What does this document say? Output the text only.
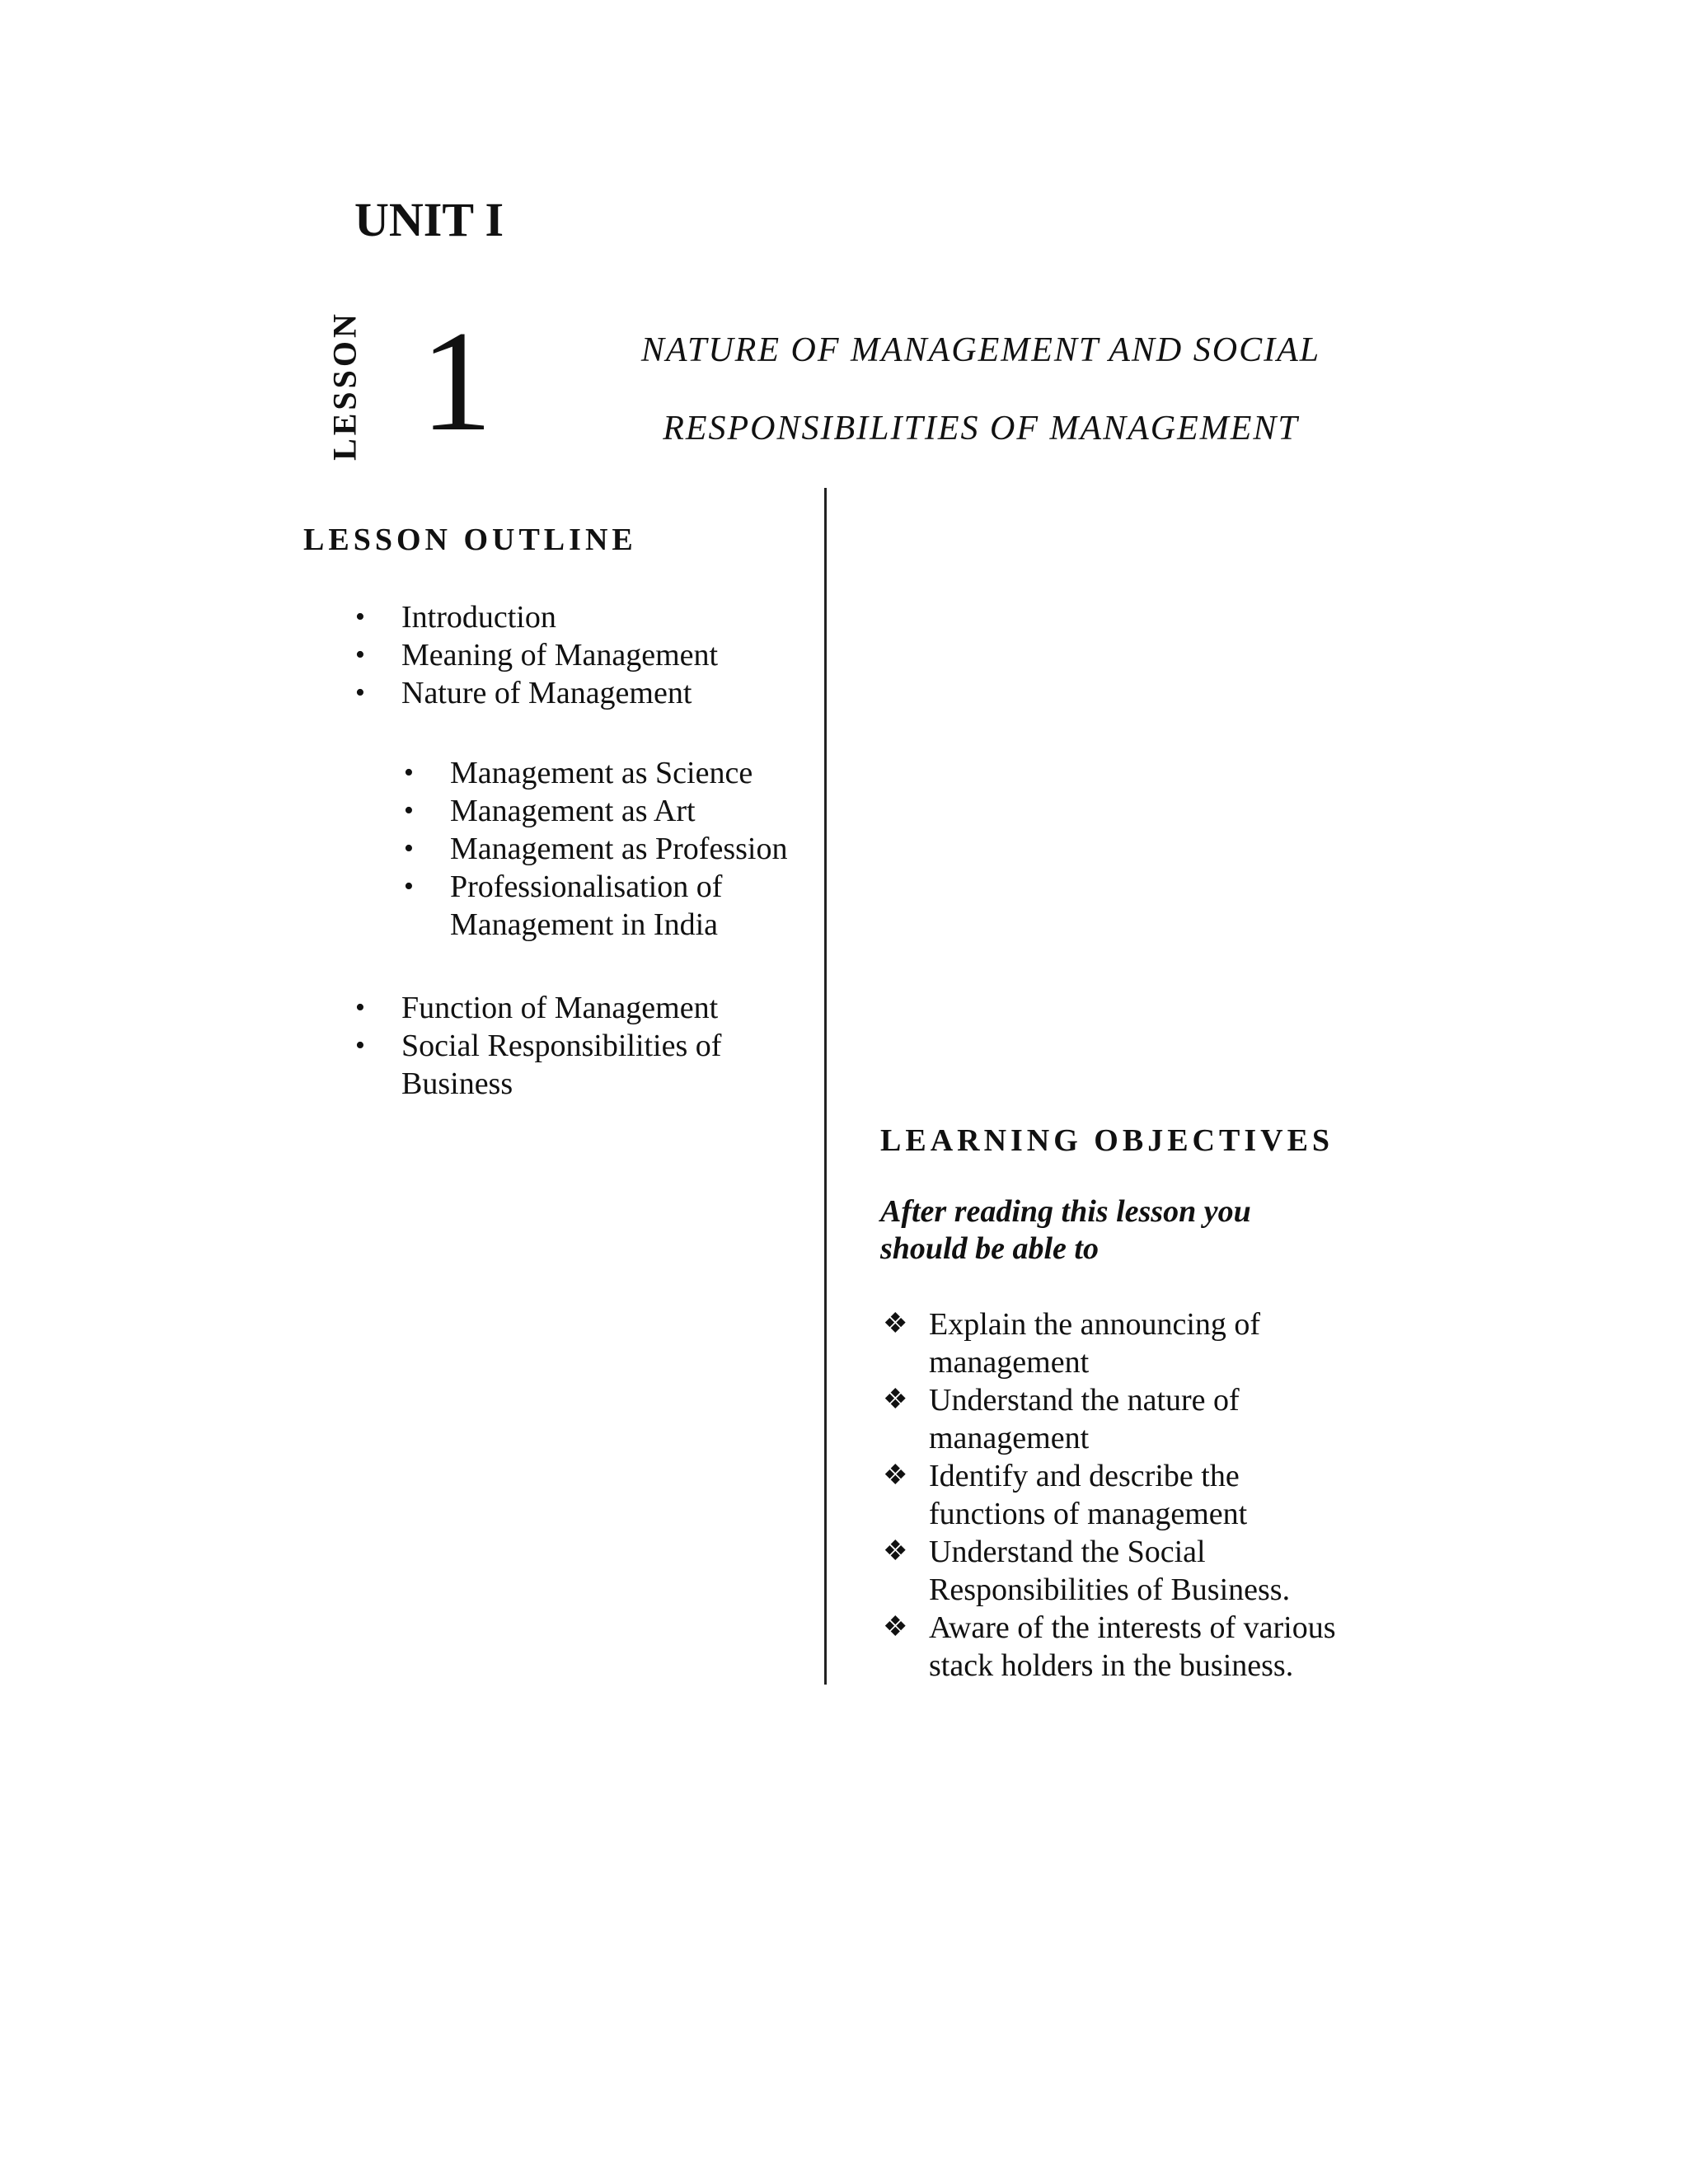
UNIT I
LESSON 1	NATURE OF MANAGEMENT AND SOCIAL
RESPONSIBILITIES OF MANAGEMENT
LESSON OUTLINE
• Introduction
• Meaning of Management
• Nature of Management
• Management as Science
• Management as Art
• Management as Profession
• Professionalisation of Management in India
• Function of Management
• Social Responsibilities of Business
LEARNING OBJECTIVES

After reading this lesson you should be able to

❖ Explain the announcing of management
❖ Understand the nature of management
❖ Identify and describe the functions of management
❖ Understand the Social Responsibilities of Business.
❖ Aware of the interests of various stack holders in the business.
